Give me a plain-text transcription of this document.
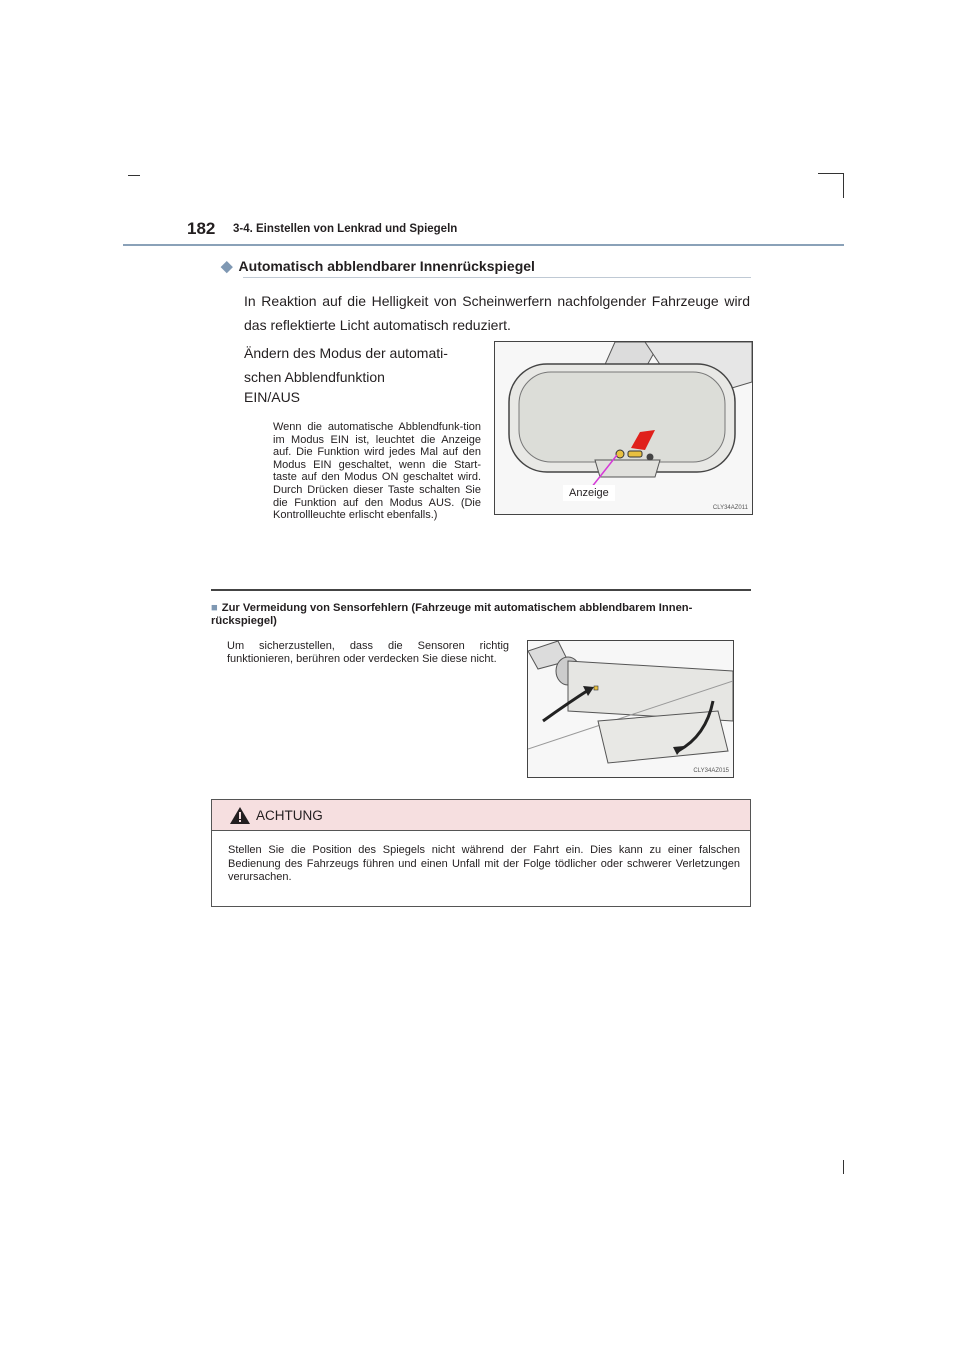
182 3-4. Einstellen von Lenkrad und Spiegeln
◆ Automatisch abblendbarer Innenrückspiegel
In Reaktion auf die Helligkeit von Scheinwerfern nachfolgender Fahrzeuge wird das reflektierte Licht automatisch reduziert.
Ändern des Modus der automati-schen Abblendfunktion
EIN/AUS
Wenn die automatische Abblendfunk-tion im Modus EIN ist, leuchtet die Anzeige auf. Die Funktion wird jedes Mal auf den Modus EIN geschaltet, wenn die Start-taste auf den Modus ON geschaltet wird. Durch Drücken dieser Taste schalten Sie die Funktion auf den Modus AUS. (Die Kontrollleuchte erlischt ebenfalls.)
Anzeige
CLY34AZ011
■ Zur Vermeidung von Sensorfehlern (Fahrzeuge mit automatischem abblendbarem Innen-rückspiegel)
Um sicherzustellen, dass die Sensoren richtig funktionieren, berühren oder verdecken Sie diese nicht.
CLY34AZ015
ACHTUNG
Stellen Sie die Position des Spiegels nicht während der Fahrt ein. Dies kann zu einer falschen Bedienung des Fahrzeugs führen und einen Unfall mit der Folge tödlicher oder schwerer Verletzungen verursachen.
